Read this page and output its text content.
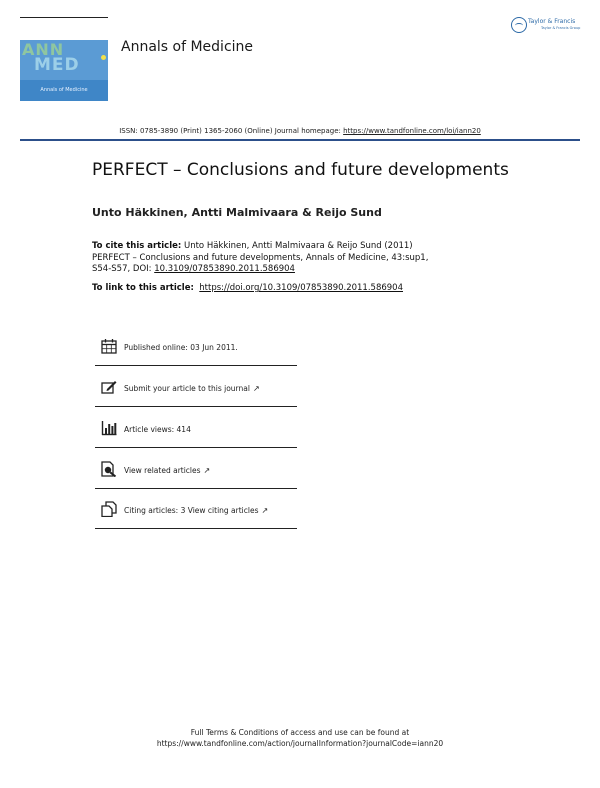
ANN
MED
Annals of Medicine
Annals of Medicine
Taylor & Francis
Taylor & Francis Group
ISSN: 0785-3890 (Print) 1365-2060 (Online) Journal homepage: https://www.tandfonline.com/loi/iann20
PERFECT – Conclusions and future developments
Unto Häkkinen, Antti Malmivaara & Reijo Sund
To cite this article: Unto Häkkinen, Antti Malmivaara & Reijo Sund (2011) PERFECT – Conclusions and future developments, Annals of Medicine, 43:sup1, S54-S57, DOI: 10.3109/07853890.2011.586904
To link to this article: https://doi.org/10.3109/07853890.2011.586904
Published online: 03 Jun 2011.
Submit your article to this journal ↗
Article views: 414
View related articles ↗
Citing articles: 3 View citing articles ↗
Full Terms & Conditions of access and use can be found at
https://www.tandfonline.com/action/journalInformation?journalCode=iann20
